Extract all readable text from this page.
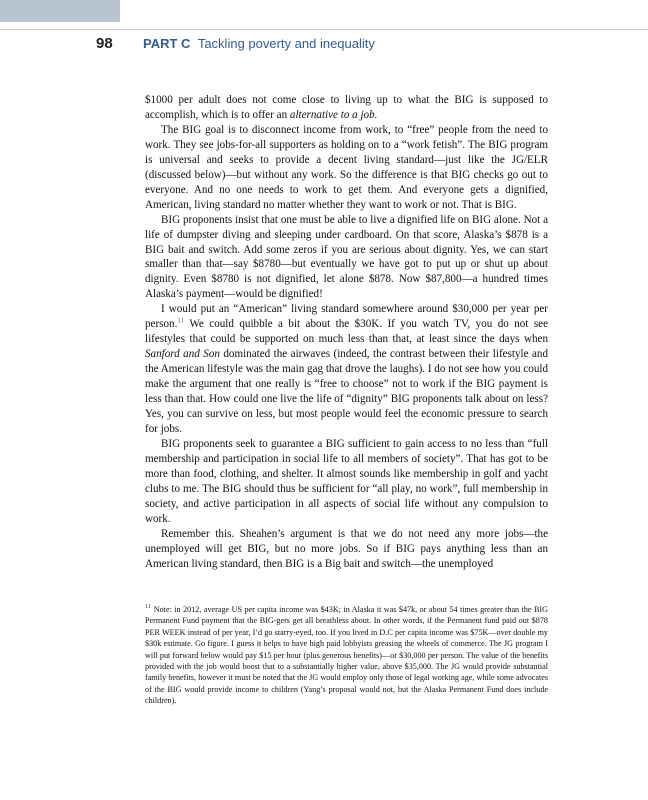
98 PART C Tackling poverty and inequality

$1000 per adult does not come close to living up to what the BIG is supposed to accomplish, which is to offer an alternative to a job.

The BIG goal is to disconnect income from work, to “free” people from the need to work. They see jobs-for-all supporters as holding on to a “work fetish”. The BIG program is universal and seeks to provide a decent living standard—just like the JG/ELR (discussed below)—but without any work. So the difference is that BIG checks go out to everyone. And no one needs to work to get them. And everyone gets a dignified, American, living standard no matter whether they want to work or not. That is BIG.

BIG proponents insist that one must be able to live a dignified life on BIG alone. Not a life of dumpster diving and sleeping under cardboard. On that score, Alaska’s $878 is a BIG bait and switch. Add some zeros if you are serious about dignity. Yes, we can start smaller than that—say $8780—but eventually we have got to put up or shut up about dignity. Even $8780 is not dignified, let alone $878. Now $87,800—a hundred times Alaska’s payment—would be dignified!

I would put an “American” living standard somewhere around $30,000 per year per person.$^{11}$ We could quibble a bit about the $30K. If you watch TV, you do not see lifestyles that could be supported on much less than that, at least since the days when Sanford and Son dominated the airwaves (indeed, the contrast between their lifestyle and the American lifestyle was the main gag that drove the laughs). I do not see how you could make the argument that one really is “free to choose” not to work if the BIG payment is less than that. How could one live the life of “dignity” BIG proponents talk about on less? Yes, you can survive on less, but most people would feel the economic pressure to search for jobs.

BIG proponents seek to guarantee a BIG sufficient to gain access to no less than “full membership and participation in social life to all members of society”. That has got to be more than food, clothing, and shelter. It almost sounds like membership in golf and yacht clubs to me. The BIG should thus be sufficient for “all play, no work”, full membership in society, and active participation in all aspects of social life without any compulsion to work.

Remember this. Sheahen’s argument is that we do not need any more jobs—the unemployed will get BIG, but no more jobs. So if BIG pays anything less than an American living standard, then BIG is a Big bait and switch—the unemployed

$^{11}$ Note: in 2012, average US per capita income was $43K; in Alaska it was $47k, or about 54 times greater than the BIG Permanent Fund payment that the BIG-gers get all breathless about. In other words, if the Permanent fund paid out $878 PER WEEK instead of per year, I’d go starry-eyed, too. If you lived in D.C per capita income was $75K—over double my $30k estimate. Go figure. I guess it helps to have high paid lobbyists greasing the wheels of commerce. The JG program I will put forward below would pay $15 per hour (plus generous benefits)—or $30,000 per person. The value of the benefits provided with the job would boost that to a substantially higher value, above $35,000. The JG would provide substantial family benefits, however it must be noted that the JG would employ only those of legal working age, while some advocates of the BIG would provide income to children (Yang’s proposal would not, but the Alaska Permanent Fund does include children).
